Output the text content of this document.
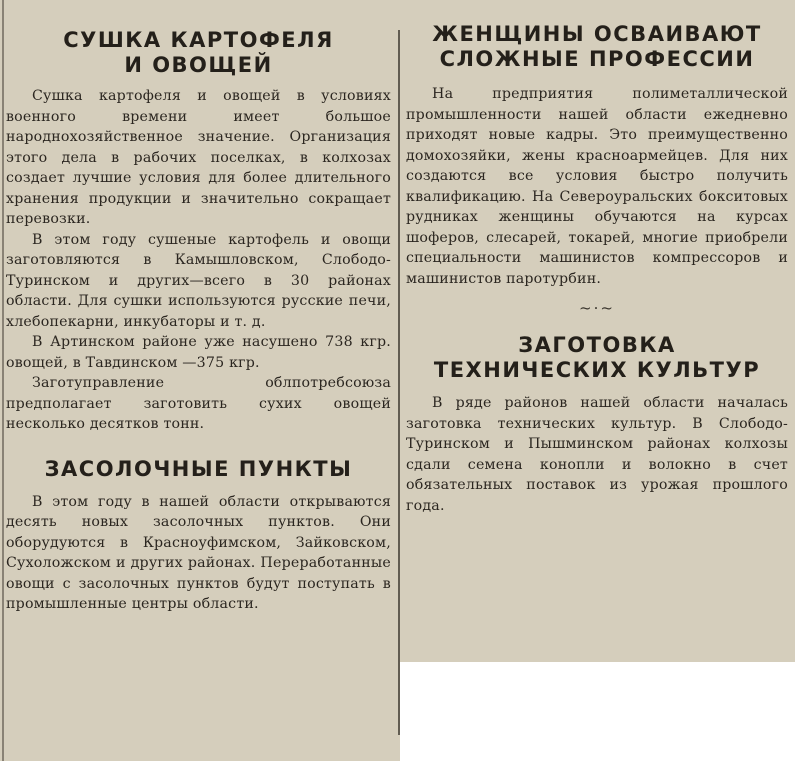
СУШКА КАРТОФЕЛЯ
И ОВОЩЕЙ

Сушка картофеля и овощей в условиях военного времени имеет большое народнохозяйственное значение. Организация этого дела в рабочих поселках, в колхозах создает лучшие условия для более длительного хранения продукции и значительно сокращает перевозки.

В этом году сушеные картофель и овощи заготовляются в Камышловском, Слободо-Туринском и других—всего в 30 районах области. Для сушки используются русские печи, хлебопекарни, инкубаторы и т. д.

В Артинском районе уже насушено 738 кгр. овощей, в Тавдинском —375 кгр.

Заготуправление облпотребсоюза предполагает заготовить сухих овощей несколько десятков тонн.

ЗАСОЛОЧНЫЕ ПУНКТЫ

В этом году в нашей области открываются десять новых засолочных пунктов. Они оборудуются в Красноуфимском, Зайковском, Сухоложском и других районах. Переработанные овощи с засолочных пунктов будут поступать в промышленные центры области.

ЖЕНЩИНЫ ОСВАИВАЮТ
СЛОЖНЫЕ ПРОФЕССИИ

На предприятия полиметаллической промышленности нашей области ежедневно приходят новые кадры. Это преимущественно домохозяйки, жены красноармейцев. Для них создаются все условия быстро получить квалификацию. На Североуральских бокситовых рудниках женщины обучаются на курсах шоферов, слесарей, токарей, многие приобрели специальности машинистов компрессоров и машинистов паротурбин.

~·~
ЗАГОТОВКА
ТЕХНИЧЕСКИХ КУЛЬТУР

В ряде районов нашей области началась заготовка технических культур. В Слободо-Туринском и Пышминском районах колхозы сдали семена конопли и волокно в счет обязательных поставок из урожая прошлого года.
